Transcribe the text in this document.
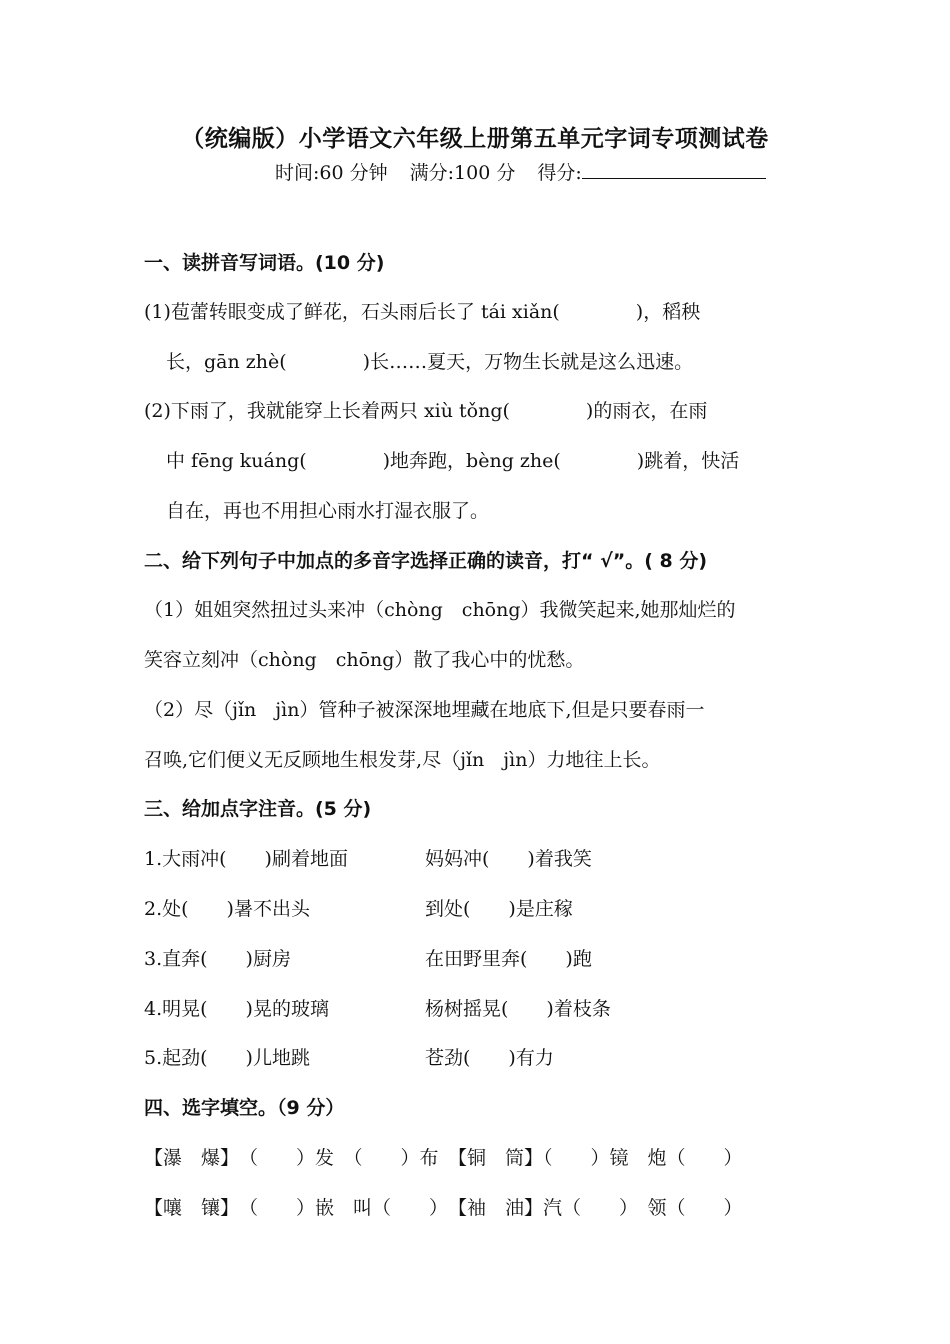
（统编版）小学语文六年级上册第五单元字词专项测试卷
时间:60 分钟 满分:100 分 得分:
一、读拼音写词语。(10 分)
(1)苞蕾转眼变成了鲜花，石头雨后长了 tái xiǎn(　　　　)，稻秧
长，gān zhè(　　　　)长……夏天，万物生长就是这么迅速。
(2)下雨了，我就能穿上长着两只 xiù tǒng(　　　　)的雨衣，在雨
中 fēng kuáng(　　　　)地奔跑，bèng zhe(　　　　)跳着，快活
自在，再也不用担心雨水打湿衣服了。
二、给下列句子中加点的多音字选择正确的读音，打“ √”。( 8 分)
（1）姐姐突然扭过头来冲（chòng　chōng）我微笑起来,她那灿烂的
笑容立刻冲（chòng　chōng）散了我心中的忧愁。
（2）尽（jǐn　jìn）管种子被深深地埋藏在地底下,但是只要春雨一
召唤,它们便义无反顾地生根发芽,尽（jǐn　jìn）力地往上长。
三、给加点字注音。(5 分)
1.大雨冲(　　)刷着地面	妈妈冲(　　)着我笑
2.处(　　)暑不出头	到处(　　)是庄稼
3.直奔(　　)厨房	在田野里奔(　　)跑
4.明晃(　　)晃的玻璃	杨树摇晃(　　)着枝条
5.起劲(　　)儿地跳	苍劲(　　)有力
四、选字填空。（9 分）
【瀑　爆】　（　　）发　（　　）布　【铜　筒】（　　）镜　炮（　　）
【嚷　镶】　（　　）嵌　叫（　　）　【袖　油】汽（　　）　领（　　）
